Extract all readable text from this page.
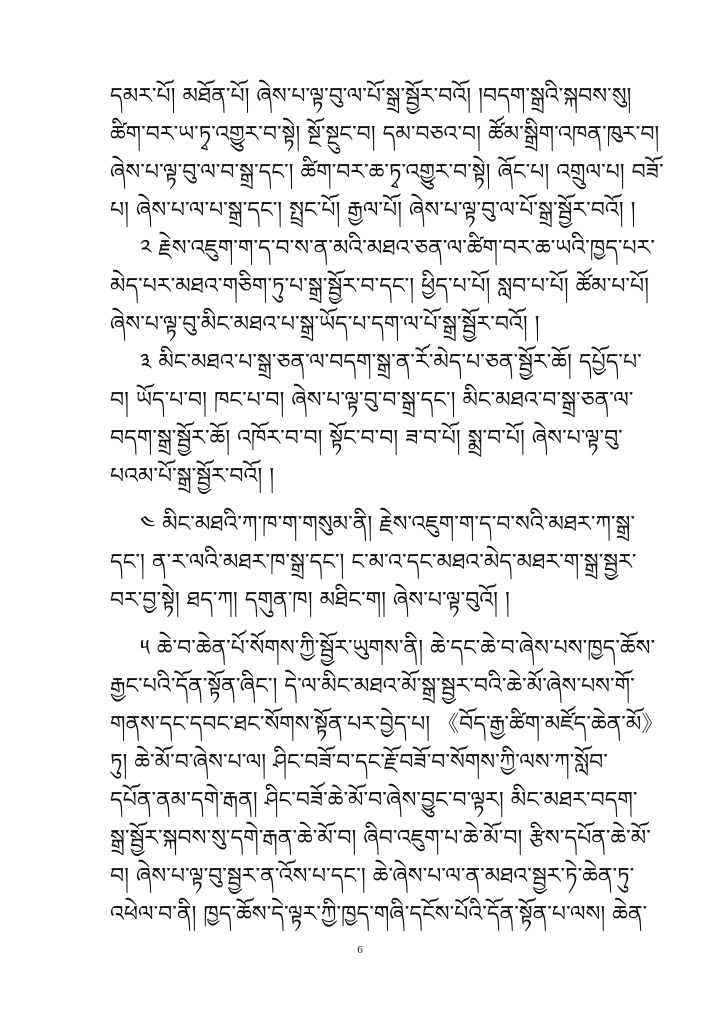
དམར་པོ། མཐོན་པོ། ཞེས་པ་ལྟ་བུ་ལ་པོ་སྒྲ་སྦྱོར་བའོ། །བདག་སྒྲའི་སྐབས་སུ།
ཚིག་བར་ཡ་ཏྭ་འགྱུར་བ་སྟེ། སྔོ་སྔུང་བ། དམ་བཅའ་བ། ཚོམ་སྒྲིག་འཁན་ཁུར་བ།
ཞེས་པ་ལྟ་བུ་ལ་བ་སྒྲ་དང་། ཚིག་བར་ཆ་ཏྭ་འགྱུར་བ་སྟེ། ཞོང་པ། འགྲུལ་པ། བཟོ་
པ། ཞེས་པ་ལ་པ་སྒྲ་དང་། སྤྲང་པོ། རྒྱལ་པོ། ཞེས་པ་ལྟ་བུ་ལ་པོ་སྒྲ་སྦྱོར་བའོ། །
༢ རྗེས་འཇུག་ག་ད་བ་ས་ན་མའི་མཐའ་ཅན་ལ་ཚིག་བར་ཆ་ཡའི་ཁྱད་པར་
མེད་པར་མཐའ་གཅིག་ཏུ་པ་སྒྲ་སྦྱོར་བ་དང་། ཕྱིད་པ་པོ། སླབ་པ་པོ། ཚོམ་པ་པོ།
ཞེས་པ་ལྟ་བུ་མིང་མཐའ་པ་སྒྲ་ཡོད་པ་དག་ལ་པོ་སྒྲ་སྦྱོར་བའོ། །
༣ མིང་མཐའ་པ་སྒྲ་ཅན་ལ་བདག་སྒྲ་ན་རོ་མེད་པ་ཅན་སྦྱོར་ཆོ། དཔྱོད་པ་
བ། ཡོད་པ་བ། ཁང་པ་བ། ཞེས་པ་ལྟ་བུ་བ་སྒྲ་དང་། མིང་མཐའ་བ་སྒྲ་ཅན་ལ་
བདག་སྒྲ་སྦྱོར་ཆོ། འཁོར་བ་བ། སྟོང་བ་བ། ཟ་བ་པོ། སྨྲ་བ་པོ། ཞེས་པ་ལྟ་བུ་
པའམ་པོ་སྒྲ་སྦྱོར་བའོ། །
༤ མིང་མཐའི་ཀ་ཁ་ག་གསུམ་ནི། རྗེས་འཇུག་ག་ད་བ་སའི་མཐར་ཀ་སྒྲ་
དང་། ན་ར་ལའི་མཐར་ཁ་སྒྲ་དང་། ང་མ་འ་དང་མཐའ་མེད་མཐར་ག་སྒྲ་སྦྱར་
བར་བྱ་སྟེ། ཐད་ཀ། དགུན་ཁ། མཐིང་ག། ཞེས་པ་ལྟ་བུའོ། །
༥ ཆེ་བ་ཆེན་པོ་སོགས་ཀྱི་སྦྱོར་ཡུགས་ནི། ཆེ་དང་ཆེ་བ་ཞེས་པས་ཁྱད་ཆོས་
རྒྱང་པའི་དོན་སྟོན་ཞིང་། དེ་ལ་མིང་མཐའ་མོ་སྒྲ་སྦྱར་བའི་ཆེ་མོ་ཞེས་པས་གོ་
གནས་དང་དབང་ཐང་སོགས་སྟོན་པར་བྱེད་པ། 《བོད་རྒྱ་ཚིག་མཛོད་ཆེན་མོ》
ཏུ། ཆེ་མོ་བ་ཞེས་པ་ལ། ཤིང་བཟོ་བ་དང་རྗོ་བཟོ་བ་སོགས་ཀྱི་ལས་ཀ་སློབ་
དཔོན་ནམ་དགེ་རྒན། ཤིང་བཟོ་ཆེ་མོ་བ་ཞེས་བྱུང་བ་ལྟར། མིང་མཐར་བདག་
སྒྲ་སྦྱོར་སྐབས་སུ་དགེ་རྒན་ཆེ་མོ་བ། ཞིབ་འཇུག་པ་ཆེ་མོ་བ། རྩིས་དཔོན་ཆེ་མོ་
བ། ཞེས་པ་ལྟ་བུ་སྦྱར་ན་འོས་པ་དང་། ཆེ་ཞེས་པ་ལ་ན་མཐའ་སྦྱར་ཏེ་ཆེན་ཏུ་
འཕེལ་བ་ནི། ཁྱད་ཆོས་དེ་ལྟར་ཀྱི་ཁྱད་གཞི་དངོས་པོའི་དོན་སྟོན་པ་ལས། ཆེན་
6
